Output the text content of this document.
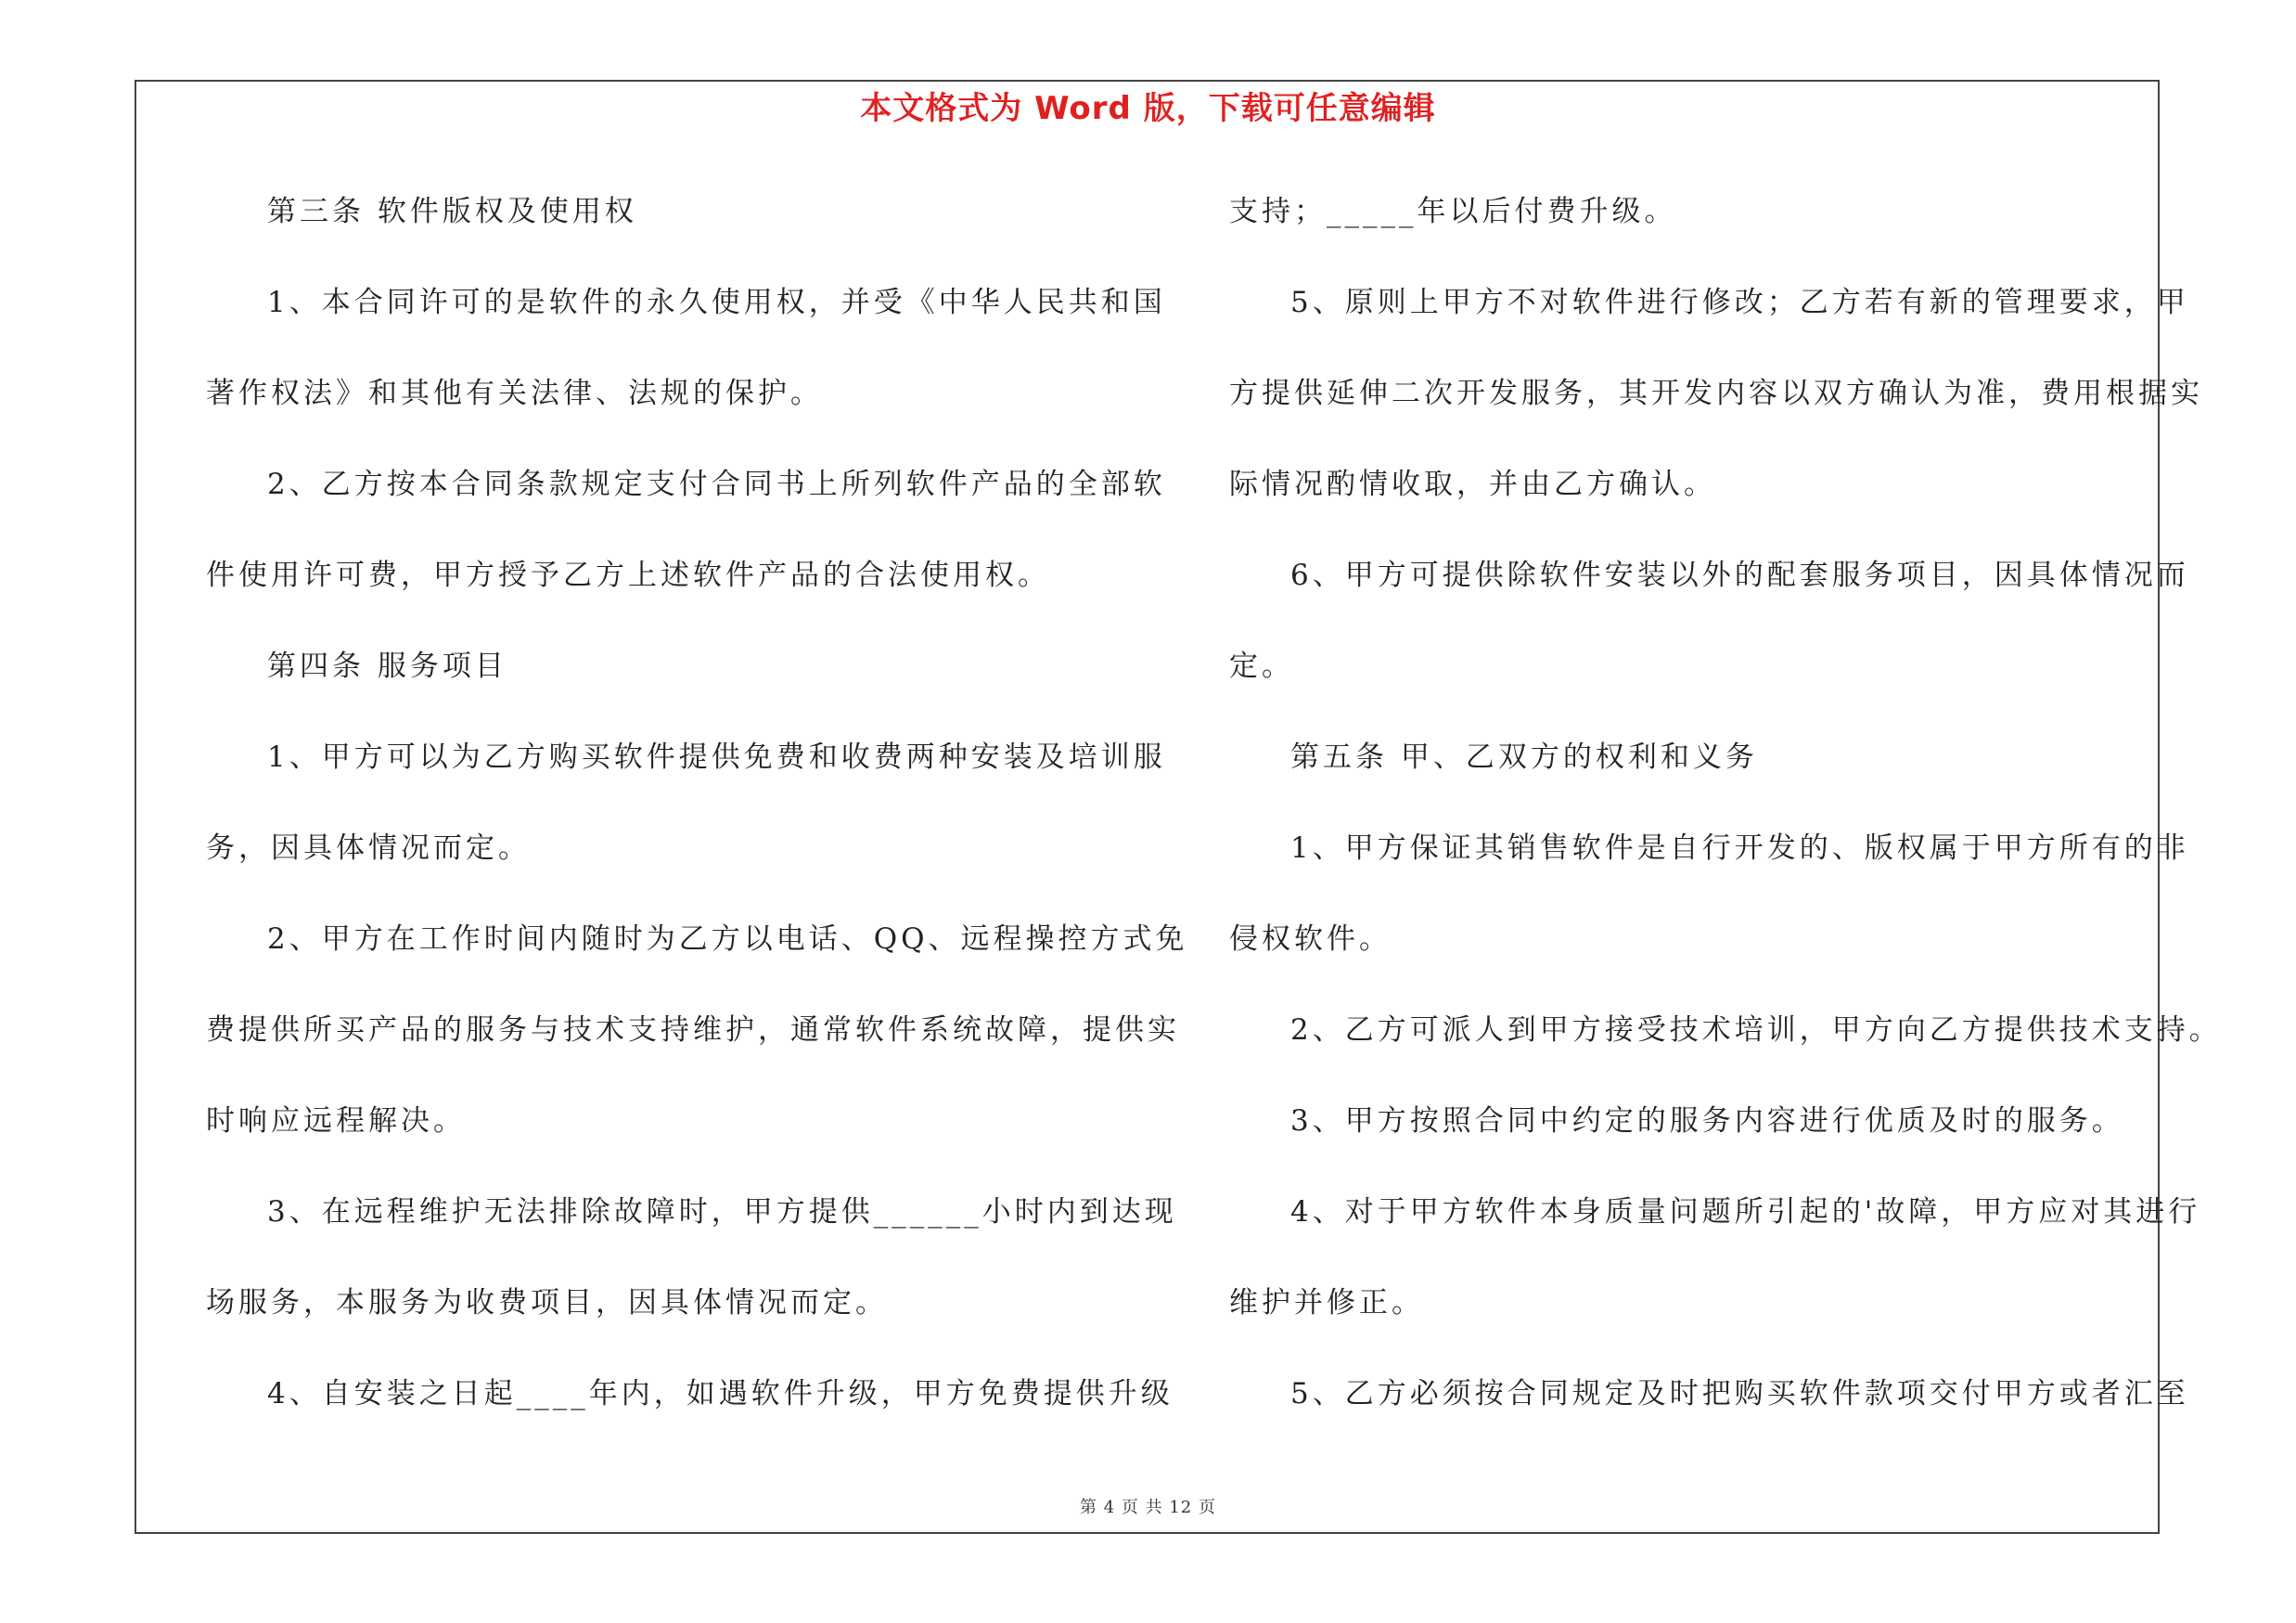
本文格式为 Word 版，下载可任意编辑
第三条 软件版权及使用权
1、本合同许可的是软件的永久使用权，并受《中华人民共和国
著作权法》和其他有关法律、法规的保护。
2、乙方按本合同条款规定支付合同书上所列软件产品的全部软
件使用许可费，甲方授予乙方上述软件产品的合法使用权。
第四条 服务项目
1、甲方可以为乙方购买软件提供免费和收费两种安装及培训服
务，因具体情况而定。
2、甲方在工作时间内随时为乙方以电话、QQ、远程操控方式免
费提供所买产品的服务与技术支持维护，通常软件系统故障，提供实
时响应远程解决。
3、在远程维护无法排除故障时，甲方提供______小时内到达现
场服务，本服务为收费项目，因具体情况而定。
4、自安装之日起____年内，如遇软件升级，甲方免费提供升级
支持；_____年以后付费升级。
5、原则上甲方不对软件进行修改；乙方若有新的管理要求，甲
方提供延伸二次开发服务，其开发内容以双方确认为准，费用根据实
际情况酌情收取，并由乙方确认。
6、甲方可提供除软件安装以外的配套服务项目，因具体情况而
定。
第五条 甲、乙双方的权利和义务
1、甲方保证其销售软件是自行开发的、版权属于甲方所有的非
侵权软件。
2、乙方可派人到甲方接受技术培训，甲方向乙方提供技术支持。
3、甲方按照合同中约定的服务内容进行优质及时的服务。
4、对于甲方软件本身质量问题所引起的'故障，甲方应对其进行
维护并修正。
5、乙方必须按合同规定及时把购买软件款项交付甲方或者汇至
第 4 页 共 12 页
